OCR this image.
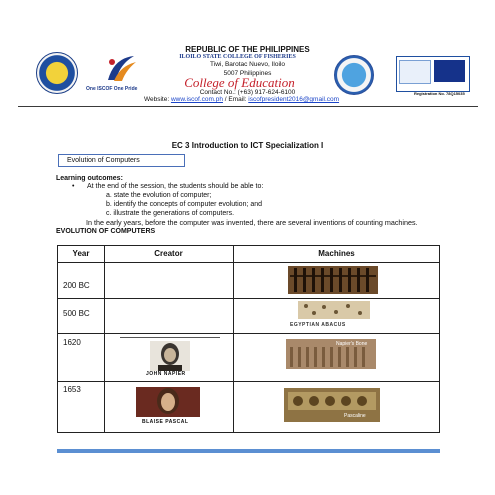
One ISCOF One Pride
REPUBLIC OF THE PHILIPPINES
ILOILO STATE COLLEGE OF FISHERIES
Tiwi, Barotac Nuevo, Iloilo
5007 Philippines
College of Education
Contact No.: (+63) 917-624-6100
Website: www.iscof.com.ph / Email: iscofpresident2016@gmail.com
Registration No. 78Q15035
EC 3 Introduction to ICT Specialization I
Evolution of Computers
Learning outcomes:
• At the end of the session, the students should be able to:
a. state the evolution of computer;
b. identify the concepts of computer evolution; and
c. illustrate the generations of computers.
EVOLUTION OF COMPUTERS
In the early years, before the computer was invented, there are several inventions of counting machines.
Year	Creator	Machines
200 BC
500 BC
EGYPTIAN ABACUS
1620
JOHN NAPIER
Napier's Bone
1653
BLAISE PASCAL
Pascaline
